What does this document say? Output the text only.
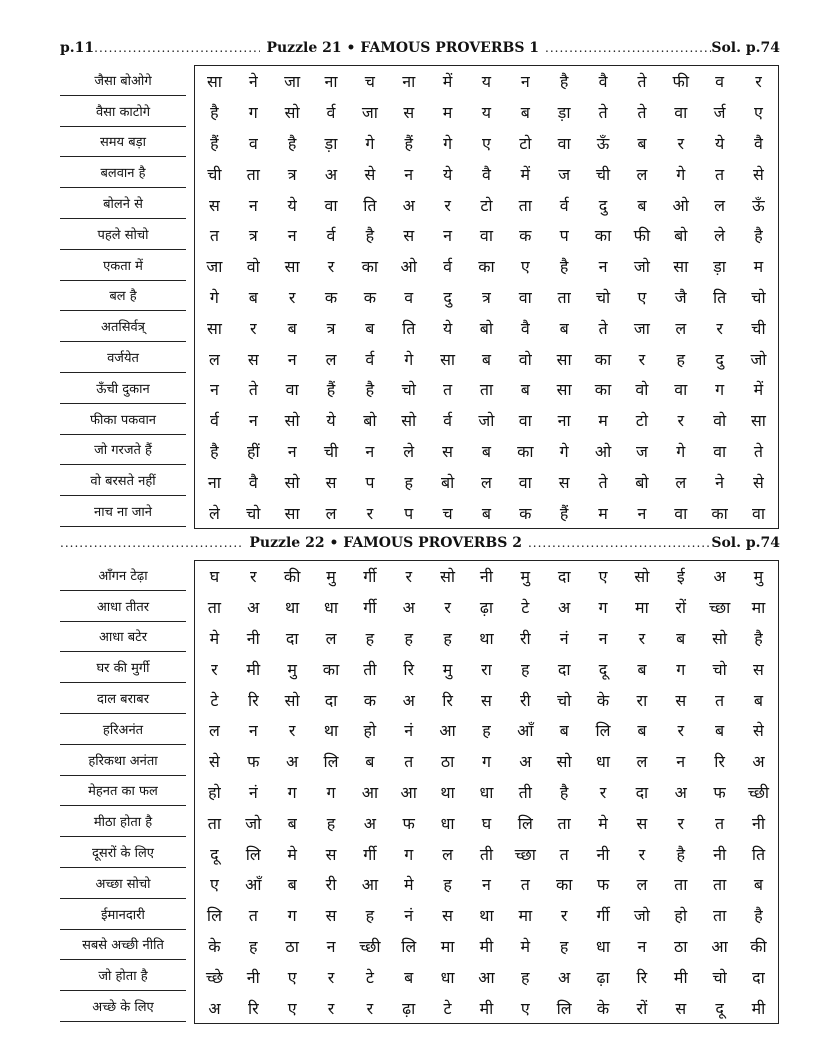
p.11 .....	Puzzle 21 • FAMOUS PROVERBS 1 .....	Sol. p.74
जैसा बोओगे
वैसा काटोगे
समय बड़ा
बलवान है
बोलने से
पहले सोचो
एकता में
बल है
अतसिर्वत्र्
वर्जयेत
ऊँची दुकान
फीका पकवान
जो गरजते हैं
वो बरसते नहीं
नाच ना जाने
सा	ने	जा	ना	च	ना	में	य	न	है	वै	ते	फी	व	र
है	ग	सो	र्व	जा	स	म	य	ब	ड़ा	ते	ते	वा	र्ज	ए
हैं	व	है	ड़ा	गे	हैं	गे	ए	टो	वा	ऊँ	ब	र	ये	वै
ची	ता	त्र	अ	से	न	ये	वै	में	ज	ची	ल	गे	त	से
स	न	ये	वा	ति	अ	र	टो	ता	र्व	दु	ब	ओ	ल	ऊँ
त	त्र	न	र्व	है	स	न	वा	क	प	का	फी	बो	ले	है
जा	वो	सा	र	का	ओ	र्व	का	ए	है	न	जो	सा	ड़ा	म
गे	ब	र	क	क	व	दु	त्र	वा	ता	चो	ए	जै	ति	चो
सा	र	ब	त्र	ब	ति	ये	बो	वै	ब	ते	जा	ल	र	ची
ल	स	न	ल	र्व	गे	सा	ब	वो	सा	का	र	ह	दु	जो
न	ते	वा	हैं	है	चो	त	ता	ब	सा	का	वो	वा	ग	में
र्व	न	सो	ये	बो	सो	र्व	जो	वा	ना	म	टो	र	वो	सा
है	हीं	न	ची	न	ले	स	ब	का	गे	ओ	ज	गे	वा	ते
ना	वै	सो	स	प	ह	बो	ल	वा	स	ते	बो	ल	ने	से
ले	चो	सा	ल	र	प	च	ब	क	हैं	म	न	वा	का	वा
.....
Puzzle 22 • FAMOUS PROVERBS 2 .....	Sol. p.74
आँगन टेढ़ा
आधा तीतर
आधा बटेर
घर की मुर्गी
दाल बराबर
हरिअनंत
हरिकथा अनंता
मेहनत का फल
मीठा होता है
दूसरों के लिए
अच्छा सोचो
ईमानदारी
सबसे अच्छी नीति
जो होता है
अच्छे के लिए
घ	र	की	मु	र्गी	र	सो	नी	मु	दा	ए	सो	ई	अ	मु
ता	अ	था	धा	र्गी	अ	र	ढ़ा	टे	अ	ग	मा	रों	च्छा	मा
मे	नी	दा	ल	ह	ह	ह	था	री	नं	न	र	ब	सो	है
र	मी	मु	का	ती	रि	मु	रा	ह	दा	दू	ब	ग	चो	स
टे	रि	सो	दा	क	अ	रि	स	री	चो	के	रा	स	त	ब
ल	न	र	था	हो	नं	आ	ह	आँ	ब	लि	ब	र	ब	से
से	फ	अ	लि	ब	त	ठा	ग	अ	सो	धा	ल	न	रि	अ
हो	नं	ग	ग	आ	आ	था	धा	ती	है	र	दा	अ	फ	च्छी
ता	जो	ब	ह	अ	फ	धा	घ	लि	ता	मे	स	र	त	नी
दू	लि	मे	स	र्गी	ग	ल	ती	च्छा	त	नी	र	है	नी	ति
ए	आँ	ब	री	आ	मे	ह	न	त	का	फ	ल	ता	ता	ब
लि	त	ग	स	ह	नं	स	था	मा	र	र्गी	जो	हो	ता	है
के	ह	ठा	न	च्छी	लि	मा	मी	मे	ह	धा	न	ठा	आ	की
च्छे	नी	ए	र	टे	ब	धा	आ	ह	अ	ढ़ा	रि	मी	चो	दा
अ	रि	ए	र	र	ढ़ा	टे	मी	ए	लि	के	रों	स	दू	मी
